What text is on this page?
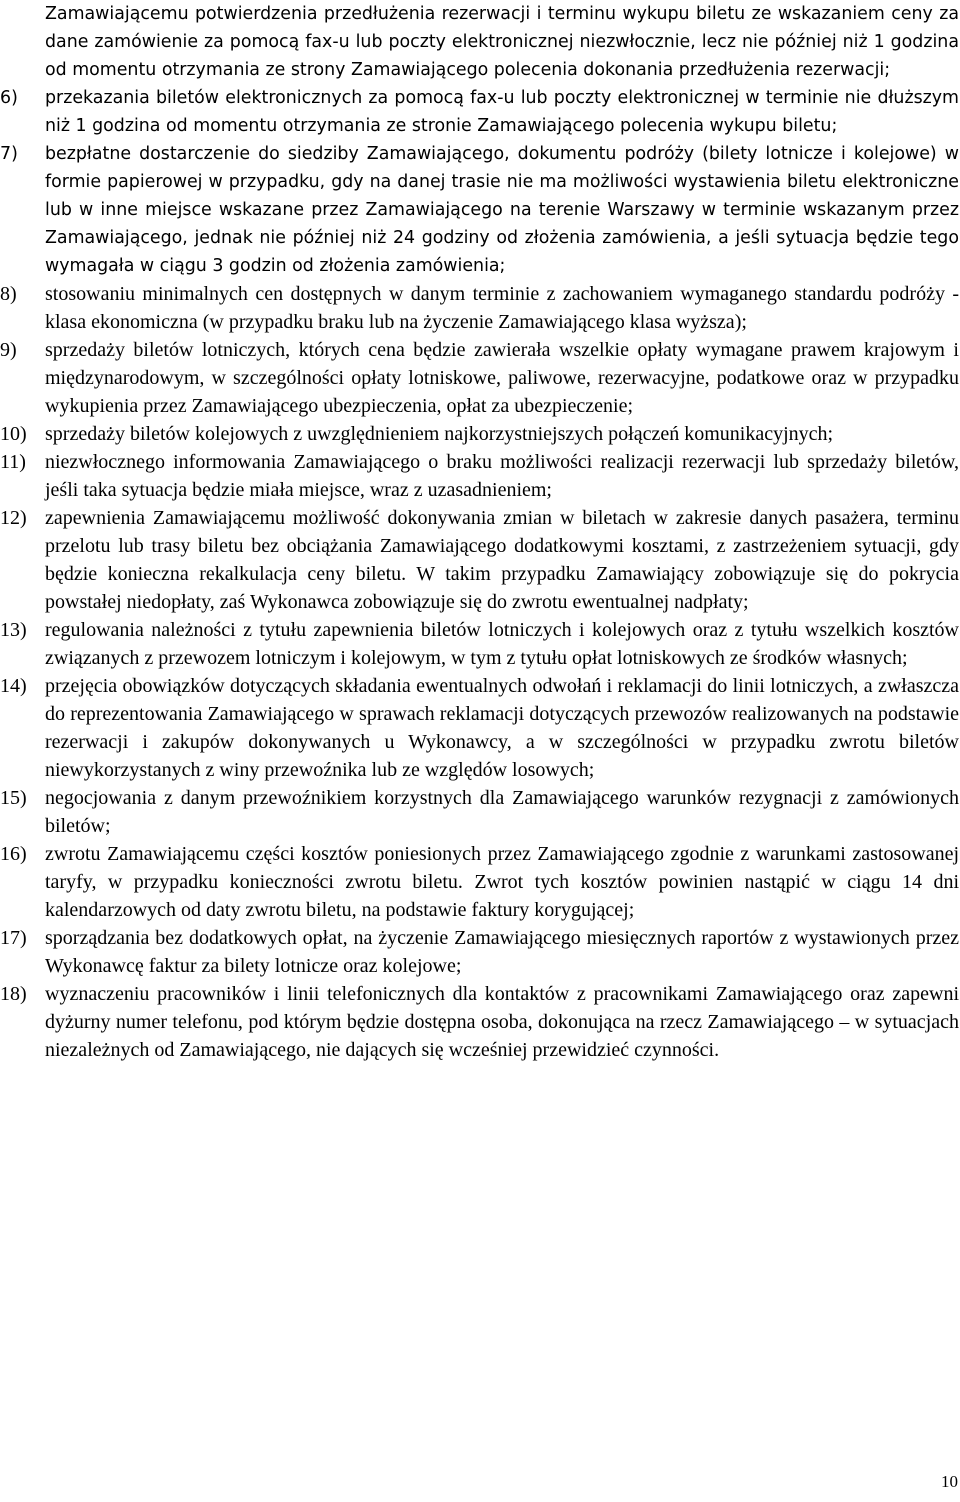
Zamawiającemu potwierdzenia przedłużenia rezerwacji i terminu wykupu biletu ze wskazaniem ceny za dane zamówienie za pomocą fax-u lub poczty elektronicznej niezwłocznie, lecz nie później niż 1 godzina od momentu otrzymania ze strony Zamawiającego polecenia dokonania przedłużenia rezerwacji;

6)	przekazania biletów elektronicznych za pomocą fax-u lub poczty elektronicznej w terminie nie dłuższym niż 1 godzina od momentu otrzymania ze stronie Zamawiającego polecenia wykupu biletu;
7)	bezpłatne dostarczenie do siedziby Zamawiającego, dokumentu podróży (bilety lotnicze i kolejowe) w formie papierowej w przypadku, gdy na danej trasie nie ma możliwości wystawienia biletu elektroniczne lub w inne miejsce wskazane przez Zamawiającego na terenie Warszawy w terminie wskazanym przez Zamawiającego, jednak nie później niż 24 godziny od złożenia zamówienia, a jeśli sytuacja będzie tego wymagała w ciągu 3 godzin od złożenia zamówienia;
8)	stosowaniu minimalnych cen dostępnych w danym terminie z zachowaniem wymaganego standardu podróży - klasa ekonomiczna (w przypadku braku lub na życzenie Zamawiającego klasa wyższa);
9)	sprzedaży biletów lotniczych, których cena będzie zawierała wszelkie opłaty wymagane prawem krajowym i międzynarodowym, w szczególności opłaty lotniskowe, paliwowe, rezerwacyjne, podatkowe oraz w przypadku wykupienia przez Zamawiającego ubezpieczenia, opłat za ubezpieczenie;
10) sprzedaży biletów kolejowych z uwzględnieniem najkorzystniejszych połączeń komunikacyjnych;
11) niezwłocznego informowania Zamawiającego o braku możliwości realizacji rezerwacji lub sprzedaży biletów, jeśli taka sytuacja będzie miała miejsce, wraz z uzasadnieniem;
12) zapewnienia Zamawiającemu możliwość dokonywania zmian w biletach w zakresie danych pasażera, terminu przelotu lub trasy biletu bez obciążania Zamawiającego dodatkowymi kosztami, z zastrzeżeniem sytuacji, gdy będzie konieczna rekalkulacja ceny biletu. W takim przypadku Zamawiający zobowiązuje się do pokrycia powstałej niedopłaty, zaś Wykonawca zobowiązuje się do zwrotu ewentualnej nadpłaty;
13) regulowania należności z tytułu zapewnienia biletów lotniczych i kolejowych oraz z tytułu wszelkich kosztów związanych z przewozem lotniczym i kolejowym, w tym z tytułu opłat lotniskowych ze środków własnych;
14) przejęcia obowiązków dotyczących składania ewentualnych odwołań i reklamacji do linii lotniczych, a zwłaszcza do reprezentowania Zamawiającego w sprawach reklamacji dotyczących przewozów realizowanych na podstawie rezerwacji i zakupów dokonywanych u Wykonawcy, a w szczególności w przypadku zwrotu biletów niewykorzystanych z winy przewoźnika lub ze względów losowych;
15) negocjowania z danym przewoźnikiem korzystnych dla Zamawiającego warunków rezygnacji z zamówionych biletów;
16) zwrotu Zamawiającemu części kosztów poniesionych przez Zamawiającego zgodnie z warunkami zastosowanej taryfy, w przypadku konieczności zwrotu biletu. Zwrot tych kosztów powinien nastąpić w ciągu 14 dni kalendarzowych od daty zwrotu biletu, na podstawie faktury korygującej;
17) sporządzania bez dodatkowych opłat, na życzenie Zamawiającego miesięcznych raportów z wystawionych przez Wykonawcę faktur za bilety lotnicze oraz kolejowe;
18) wyznaczeniu pracowników i linii telefonicznych dla kontaktów z pracownikami Zamawiającego oraz zapewni dyżurny numer telefonu, pod którym będzie dostępna osoba, dokonująca na rzecz Zamawiającego – w sytuacjach niezależnych od Zamawiającego, nie dających się wcześniej przewidzieć czynności.
10
